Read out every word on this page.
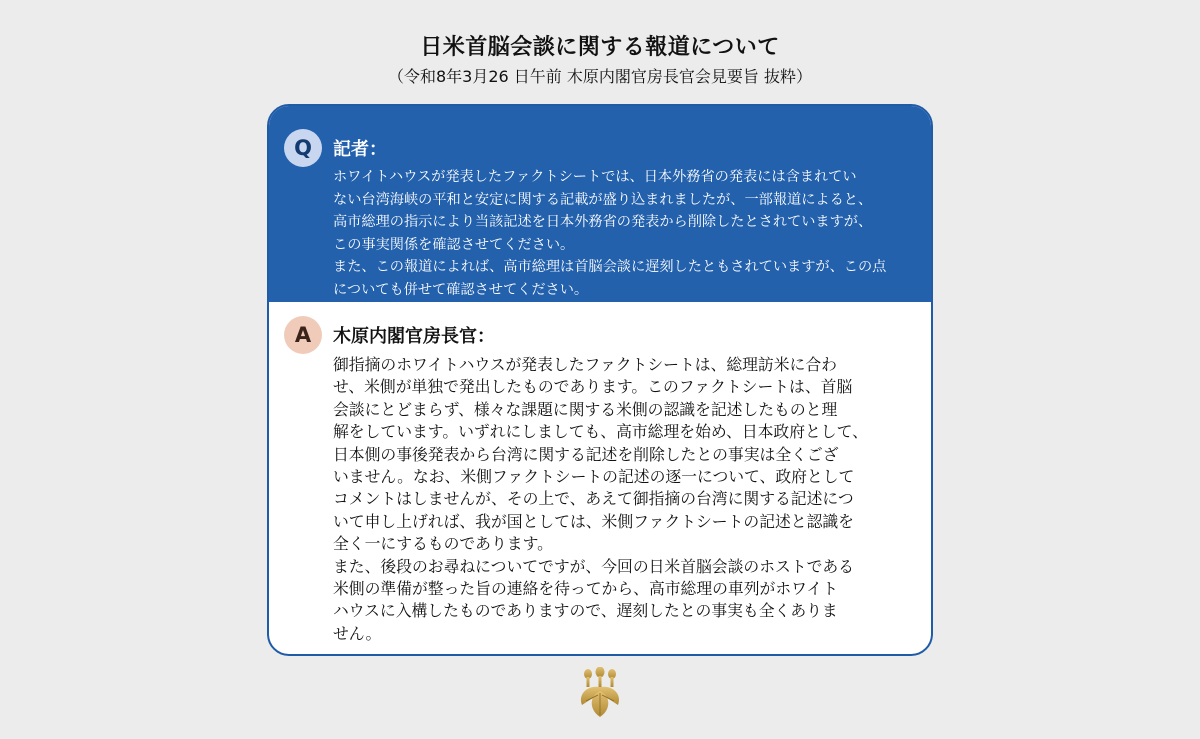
日米首脳会談に関する報道について
（令和8年3月26 日午前 木原内閣官房長官会見要旨 抜粋）
Q	記者：

ホワイトハウスが発表したファクトシートでは、日本外務省の発表には含まれてい
ない台湾海峡の平和と安定に関する記載が盛り込まれましたが、一部報道によると、
高市総理の指示により当該記述を日本外務省の発表から削除したとされていますが、
この事実関係を確認させてください。

また、この報道によれば、高市総理は首脳会談に遅刻したともされていますが、この点
についても併せて確認させてください。

A	木原内閣官房長官：

御指摘のホワイトハウスが発表したファクトシートは、総理訪米に合わ
せ、米側が単独で発出したものであります。このファクトシートは、首脳
会談にとどまらず、様々な課題に関する米側の認識を記述したものと理
解をしています。いずれにしましても、高市総理を始め、日本政府として、
日本側の事後発表から台湾に関する記述を削除したとの事実は全くござ
いません。なお、米側ファクトシートの記述の逐一について、政府として
コメントはしませんが、その上で、あえて御指摘の台湾に関する記述につ
いて申し上げれば、我が国としては、米側ファクトシートの記述と認識を
全く一にするものであります。

また、後段のお尋ねについてですが、今回の日米首脳会談のホストである
米側の準備が整った旨の連絡を待ってから、高市総理の車列がホワイト
ハウスに入構したものでありますので、遅刻したとの事実も全くありま
せん。
